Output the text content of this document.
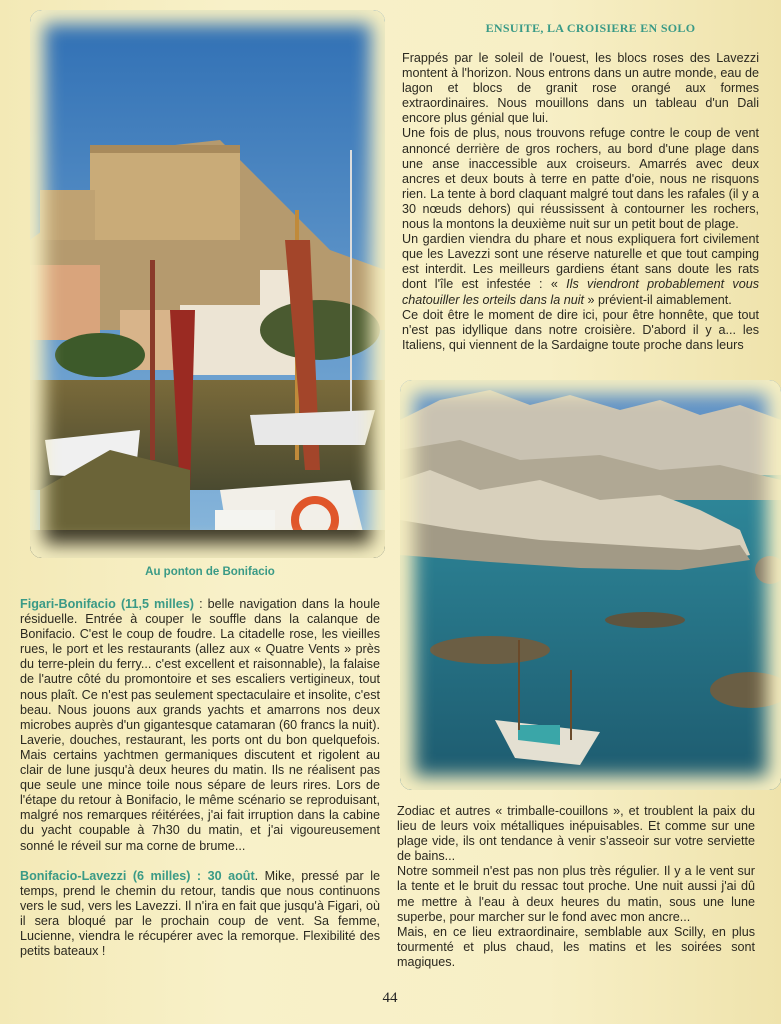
Au ponton de Bonifacio
ENSUITE, LA CROISIERE EN SOLO

Frappés par le soleil de l'ouest, les blocs roses des Lavezzi montent à l'horizon. Nous entrons dans un autre monde, eau de lagon et blocs de granit rose orangé aux formes extraordinaires. Nous mouillons dans un tableau d'un Dali encore plus génial que lui.

Une fois de plus, nous trouvons refuge contre le coup de vent annoncé derrière de gros rochers, au bord d'une plage dans une anse inaccessible aux croiseurs. Amarrés avec deux ancres et deux bouts à terre en patte d'oie, nous ne risquons rien. La tente à bord claquant malgré tout dans les rafales (il y a 30 nœuds dehors) qui réussissent à contourner les rochers, nous la montons la deuxième nuit sur un petit bout de plage.

Un gardien viendra du phare et nous expliquera fort civilement que les Lavezzi sont une réserve naturelle et que tout camping est interdit. Les meilleurs gardiens étant sans doute les rats dont l'île est infestée : « Ils viendront probablement vous chatouiller les orteils dans la nuit » prévient-il aimablement.

Ce doit être le moment de dire ici, pour être honnête, que tout n'est pas idyllique dans notre croisière. D'abord il y a... les Italiens, qui viennent de la Sardaigne toute proche dans leurs

Figari-Bonifacio (11,5 milles) : belle navigation dans la houle résiduelle. Entrée à couper le souffle dans la calanque de Bonifacio. C'est le coup de foudre. La citadelle rose, les vieilles rues, le port et les restaurants (allez aux « Quatre Vents » près du terre-plein du ferry... c'est excellent et raisonnable), la falaise de l'autre côté du promontoire et ses escaliers vertigineux, tout nous plaît. Ce n'est pas seulement spectaculaire et insolite, c'est beau. Nous jouons aux grands yachts et amarrons nos deux microbes auprès d'un gigantesque catamaran (60 francs la nuit). Laverie, douches, restaurant, les ports ont du bon quelquefois. Mais certains yachtmen germaniques discutent et rigolent au clair de lune jusqu'à deux heures du matin. Ils ne réalisent pas que seule une mince toile nous sépare de leurs rires. Lors de l'étape du retour à Bonifacio, le même scénario se reproduisant, malgré nos remarques réitérées, j'ai fait irruption dans la cabine du yacht coupable à 7h30 du matin, et j'ai vigoureusement sonné le réveil sur ma corne de brume...

Bonifacio-Lavezzi (6 milles) : 30 août. Mike, pressé par le temps, prend le chemin du retour, tandis que nous continuons vers le sud, vers les Lavezzi. Il n'ira en fait que jusqu'à Figari, où il sera bloqué par le prochain coup de vent. Sa femme, Lucienne, viendra le récupérer avec la remorque. Flexibilité des petits bateaux !

Zodiac et autres « trimballe-couillons », et troublent la paix du lieu de leurs voix métalliques inépuisables. Et comme sur une plage vide, ils ont tendance à venir s'asseoir sur votre serviette de bains...

Notre sommeil n'est pas non plus très régulier. Il y a le vent sur la tente et le bruit du ressac tout proche. Une nuit aussi j'ai dû me mettre à l'eau à deux heures du matin, sous une lune superbe, pour marcher sur le fond avec mon ancre...

Mais, en ce lieu extraordinaire, semblable aux Scilly, en plus tourmenté et plus chaud, les matins et les soirées sont magiques.

44
